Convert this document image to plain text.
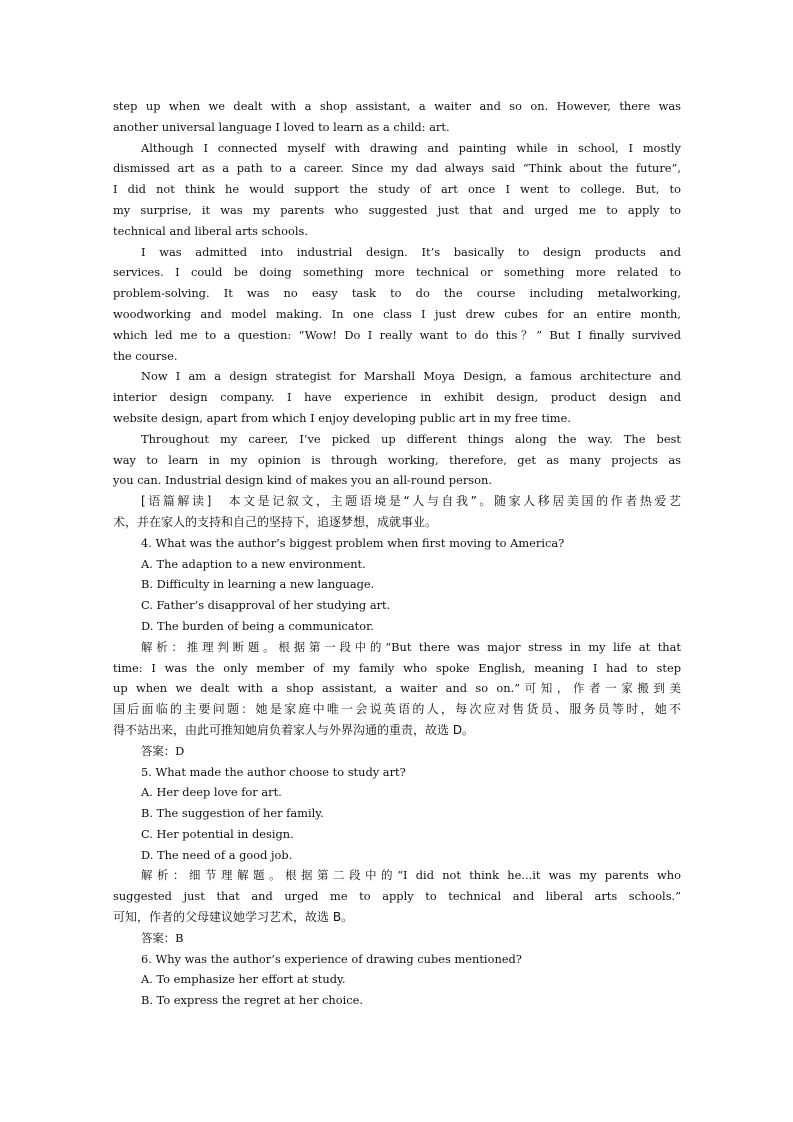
step up when we dealt with a shop assistant, a waiter and so on. However, there was
another universal language I loved to learn as a child: art.
Although I connected myself with drawing and painting while in school, I mostly
dismissed art as a path to a career. Since my dad always said “Think about the future”,
I did not think he would support the study of art once I went to college. But, to
my surprise, it was my parents who suggested just that and urged me to apply to
technical and liberal arts schools.
I was admitted into industrial design. It’s basically to design products and
services. I could be doing something more technical or something more related to
problem-solving. It was no easy task to do the course including metalworking,
woodworking and model making. In one class I just drew cubes for an entire month,
which led me to a question: “Wow! Do I really want to do this？” But I finally survived
the course.
Now I am a design strategist for Marshall Moya Design, a famous architecture and
interior design company. I have experience in exhibit design, product design and
website design, apart from which I enjoy developing public art in my free time.
Throughout my career, I’ve picked up different things along the way. The best
way to learn in my opinion is through working, therefore, get as many projects as
you can. Industrial design kind of makes you an all-round person.
[语篇解读]　本文是记叙文，主题语境是“人与自我”。随家人移居美国的作者热爱艺
术，并在家人的支持和自己的坚持下，追逐梦想，成就事业。
4. What was the author’s biggest problem when first moving to America?
A. The adaption to a new environment.
B. Difficulty in learning a new language.
C. Father’s disapproval of her studying art.
D. The burden of being a communicator.
解析：推理判断题。根据第一段中的“But there was major stress in my life at that
time: I was the only member of my family who spoke English, meaning I had to step
up when we dealt with a shop assistant, a waiter and so on.”可知，作者一家搬到美
国后面临的主要问题：她是家庭中唯一会说英语的人，每次应对售货员、服务员等时，她不
得不站出来，由此可推知她肩负着家人与外界沟通的重责，故选 D。
答案：D
5. What made the author choose to study art?
A. Her deep love for art.
B. The suggestion of her family.
C. Her potential in design.
D. The need of a good job.
解析：细节理解题。根据第二段中的“I did not think he...it was my parents who
suggested just that and urged me to apply to technical and liberal arts schools.”
可知，作者的父母建议她学习艺术，故选 B。
答案：B
6. Why was the author’s experience of drawing cubes mentioned?
A. To emphasize her effort at study.
B. To express the regret at her choice.
